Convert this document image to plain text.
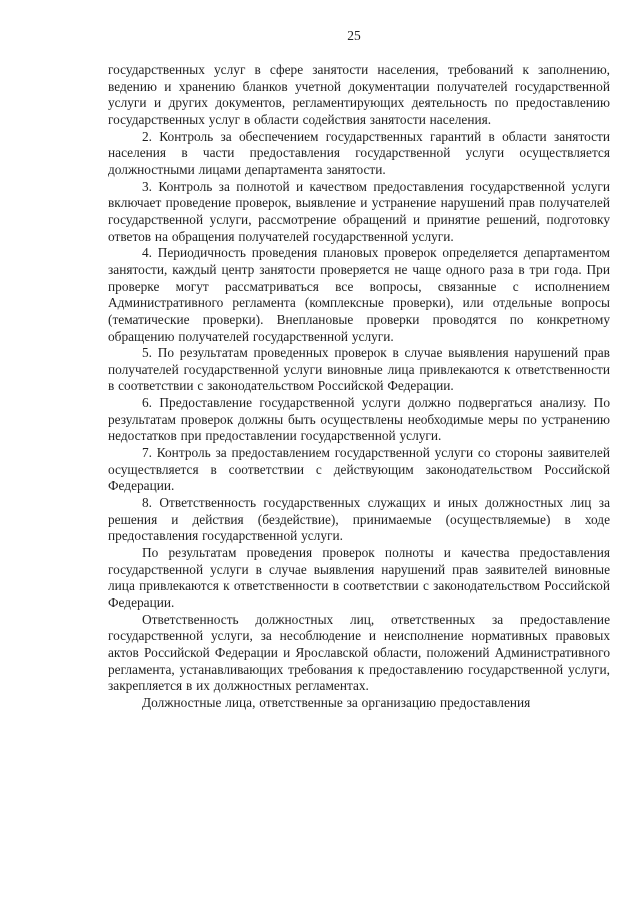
25

государственных услуг в сфере занятости населения, требований к заполнению, ведению и хранению бланков учетной документации получателей государственной услуги и других документов, регламентирующих деятельность по предоставлению государственных услуг в области содействия занятости населения.

2. Контроль за обеспечением государственных гарантий в области занятости населения в части предоставления государственной услуги осуществляется должностными лицами департамента занятости.

3. Контроль за полнотой и качеством предоставления государственной услуги включает проведение проверок, выявление и устранение нарушений прав получателей государственной услуги, рассмотрение обращений и принятие решений, подготовку ответов на обращения получателей государственной услуги.

4. Периодичность проведения плановых проверок определяется департаментом занятости, каждый центр занятости проверяется не чаще одного раза в три года. При проверке могут рассматриваться все вопросы, связанные с исполнением Административного регламента (комплексные проверки), или отдельные вопросы (тематические проверки). Внеплановые проверки проводятся по конкретному обращению получателей государственной услуги.

5. По результатам проведенных проверок в случае выявления нарушений прав получателей государственной услуги виновные лица привлекаются к ответственности в соответствии с законодательством Российской Федерации.

6. Предоставление государственной услуги должно подвергаться анализу. По результатам проверок должны быть осуществлены необходимые меры по устранению недостатков при предоставлении государственной услуги.

7. Контроль за предоставлением государственной услуги со стороны заявителей осуществляется в соответствии с действующим законодательством Российской Федерации.

8. Ответственность государственных служащих и иных должностных лиц за решения и действия (бездействие), принимаемые (осуществляемые) в ходе предоставления государственной услуги.

По результатам проведения проверок полноты и качества предоставления государственной услуги в случае выявления нарушений прав заявителей виновные лица привлекаются к ответственности в соответствии с законодательством Российской Федерации.

Ответственность должностных лиц, ответственных за предоставление государственной услуги, за несоблюдение и неисполнение нормативных правовых актов Российской Федерации и Ярославской области, положений Административного регламента, устанавливающих требования к предоставлению государственной услуги, закрепляется в их должностных регламентах.

Должностные лица, ответственные за организацию предоставления
